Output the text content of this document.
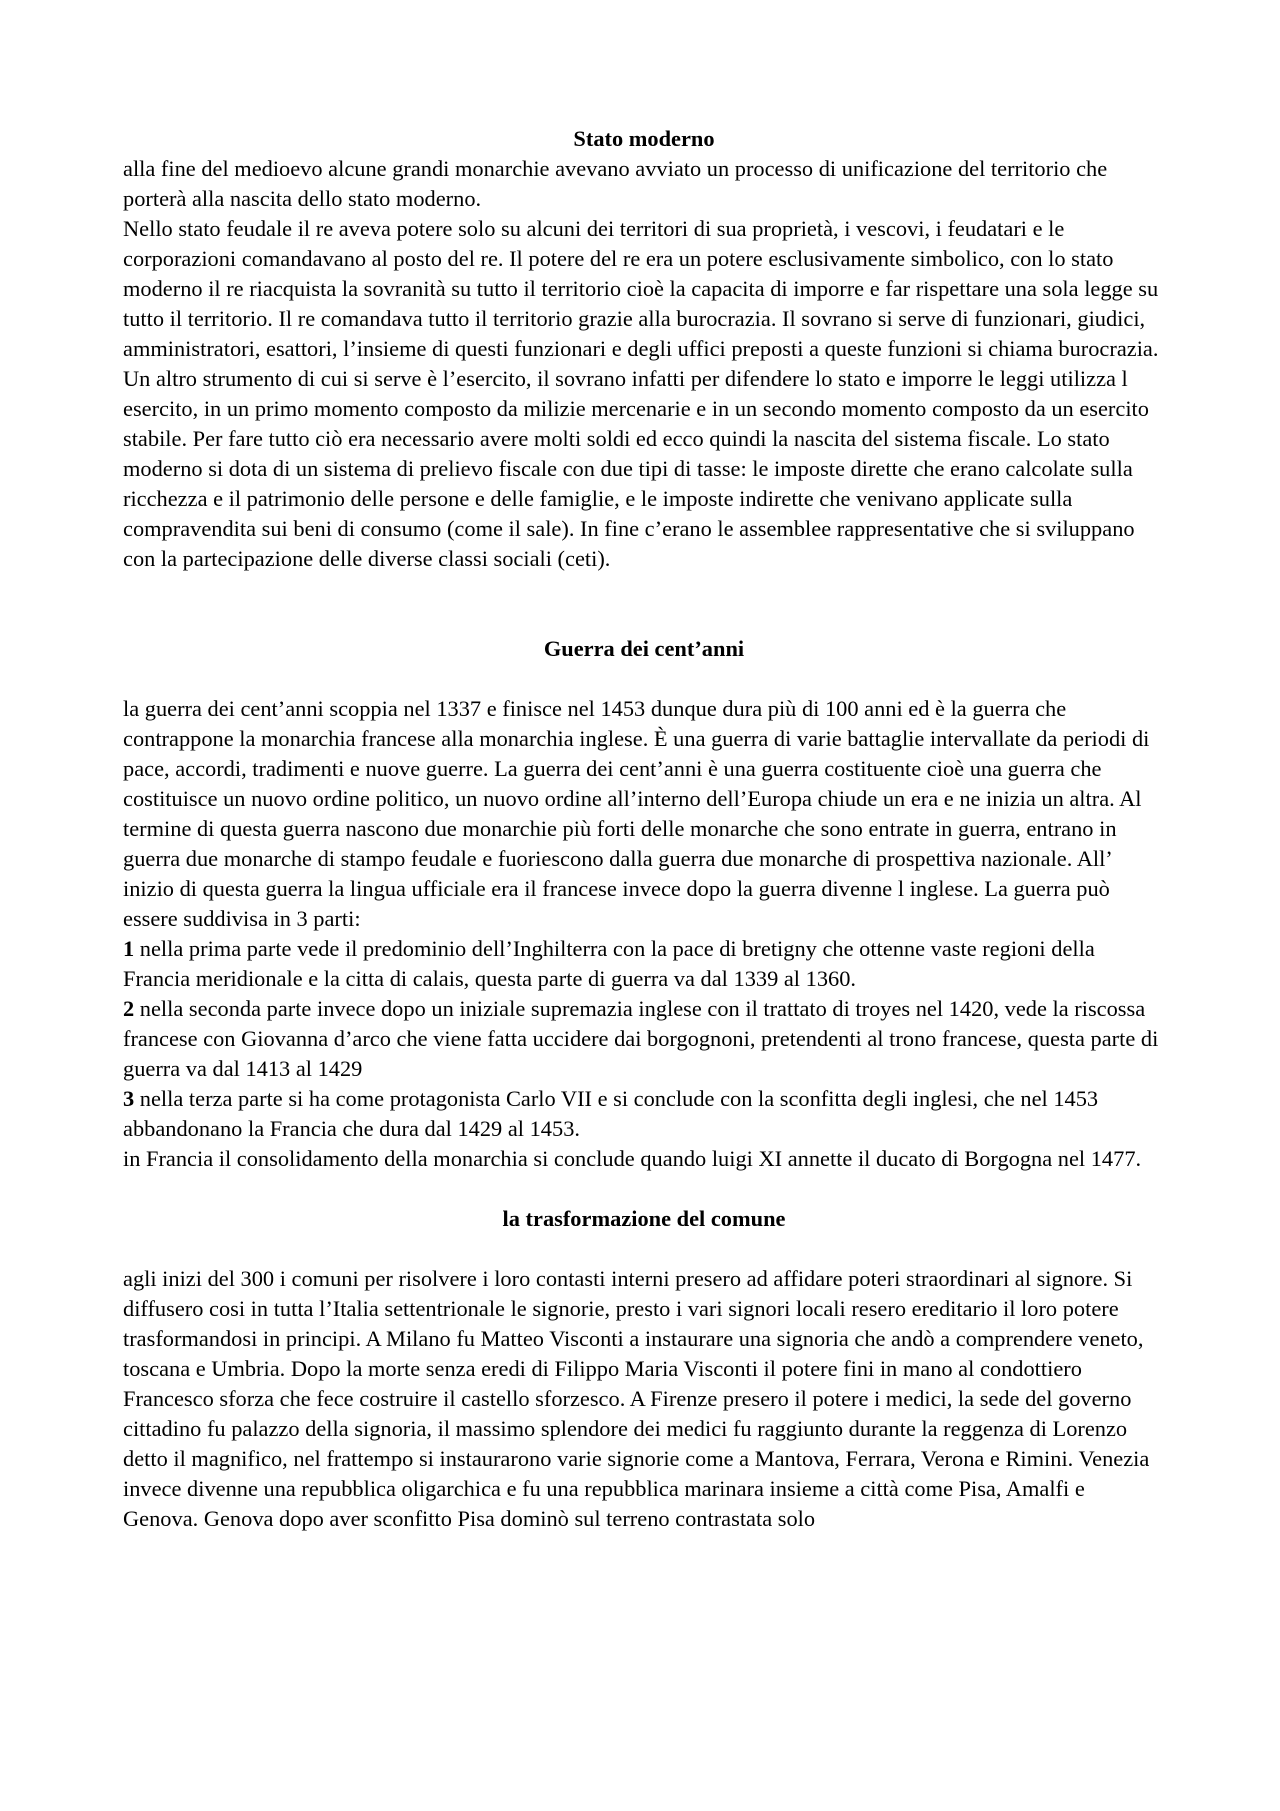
Stato moderno

alla fine del medioevo alcune grandi monarchie avevano avviato un processo di unificazione del territorio che porterà alla nascita dello stato moderno.

Nello stato feudale il re aveva potere solo su alcuni dei territori di sua proprietà, i vescovi, i feudatari e le corporazioni comandavano al posto del re. Il potere del re era un potere esclusivamente simbolico, con lo stato moderno il re riacquista la sovranità su tutto il territorio cioè la capacita di imporre e far rispettare una sola legge su tutto il territorio. Il re comandava tutto il territorio grazie alla burocrazia. Il sovrano si serve di funzionari, giudici, amministratori, esattori, l’insieme di questi funzionari e degli uffici preposti a queste funzioni si chiama burocrazia. Un altro strumento di cui si serve è l’esercito, il sovrano infatti per difendere lo stato e imporre le leggi utilizza l esercito, in un primo momento composto da milizie mercenarie e in un secondo momento composto da un esercito stabile. Per fare tutto ciò era necessario avere molti soldi ed ecco quindi la nascita del sistema fiscale. Lo stato moderno si dota di un sistema di prelievo fiscale con due tipi di tasse: le imposte dirette che erano calcolate sulla ricchezza e il patrimonio delle persone e delle famiglie, e le imposte indirette che venivano applicate sulla compravendita sui beni di consumo (come il sale). In fine c’erano le assemblee rappresentative che si sviluppano con la partecipazione delle diverse classi sociali (ceti).

Guerra dei cent’anni

la guerra dei cent’anni scoppia nel 1337 e finisce nel 1453 dunque dura più di 100 anni ed è la guerra che contrappone la monarchia francese alla monarchia inglese. È una guerra di varie battaglie intervallate da periodi di pace, accordi, tradimenti e nuove guerre. La guerra dei cent’anni è una guerra costituente cioè una guerra che costituisce un nuovo ordine politico, un nuovo ordine all’interno dell’Europa chiude un era e ne inizia un altra. Al termine di questa guerra nascono due monarchie più forti delle monarche che sono entrate in guerra, entrano in guerra due monarche di stampo feudale e fuoriescono dalla guerra due monarche di prospettiva nazionale. All’ inizio di questa guerra la lingua ufficiale era il francese invece dopo la guerra divenne l inglese. La guerra può essere suddivisa in 3 parti:

1 nella prima parte vede il predominio dell’Inghilterra con la pace di bretigny che ottenne vaste regioni della Francia meridionale e la citta di calais, questa parte di guerra va dal 1339 al 1360.

2 nella seconda parte invece dopo un iniziale supremazia inglese con il trattato di troyes nel 1420, vede la riscossa francese con Giovanna d’arco che viene fatta uccidere dai borgognoni, pretendenti al trono francese, questa parte di guerra va dal 1413 al 1429

3 nella terza parte si ha come protagonista Carlo VII e si conclude con la sconfitta degli inglesi, che nel 1453 abbandonano la Francia che dura dal 1429 al 1453.

in Francia il consolidamento della monarchia si conclude quando luigi XI annette il ducato di Borgogna nel 1477.

la trasformazione del comune

agli inizi del 300 i comuni per risolvere i loro contasti interni presero ad affidare poteri straordinari al signore. Si diffusero cosi in tutta l’Italia settentrionale le signorie, presto i vari signori locali resero ereditario il loro potere trasformandosi in principi. A Milano fu Matteo Visconti a instaurare una signoria che andò a comprendere veneto, toscana e Umbria. Dopo la morte senza eredi di Filippo Maria Visconti il potere fini in mano al condottiero Francesco sforza che fece costruire il castello sforzesco. A Firenze presero il potere i medici, la sede del governo cittadino fu palazzo della signoria, il massimo splendore dei medici fu raggiunto durante la reggenza di Lorenzo detto il magnifico, nel frattempo si instaurarono varie signorie come a Mantova, Ferrara, Verona e Rimini. Venezia invece divenne una repubblica oligarchica e fu una repubblica marinara insieme a città come Pisa, Amalfi e Genova. Genova dopo aver sconfitto Pisa dominò sul terreno contrastata solo
